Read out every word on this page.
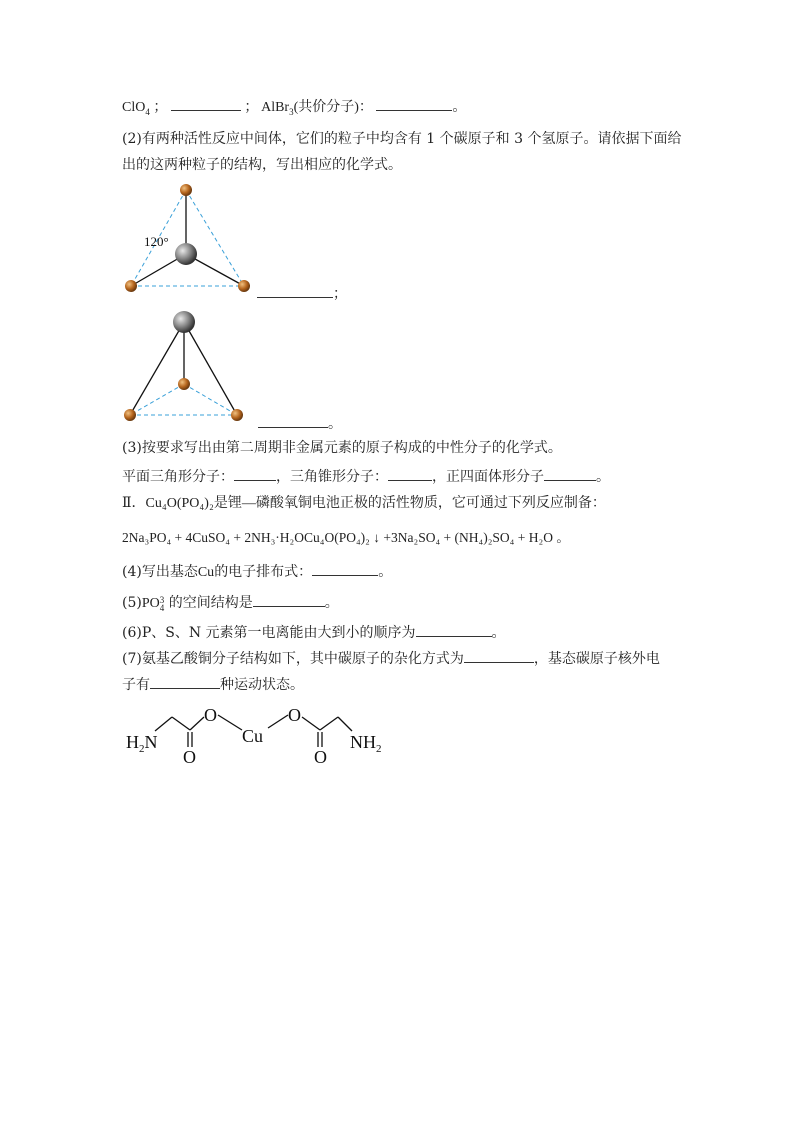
ClO$_4$ ；	； AlBr$_3$(共价分子)：	。
(2)有两种活性反应中间体，它们的粒子中均含有 1 个碳原子和 3 个氢原子。请依据下面给
出的这两种粒子的结构，写出相应的化学式。
120°
；
。
(3)按要求写出由第二周期非金属元素的原子构成的中性分子的化学式。
平面三角形分子：	，三角锥形分子：	，正四面体形分子	。
Ⅱ．Cu₄O(PO₄)₂是锂—磷酸氧铜电池正极的活性物质，它可通过下列反应制备：
2Na₃PO₄ + 4CuSO₄ + 2NH₃·H₂OCu₄O(PO₄)₂ ↓ +3Na₂SO₄ + (NH₄)₂SO₄ + H₂O 。
(4)写出基态Cu的电子排布式：	。
(5)PO 3
4 的空间结构是	。
(6)P、S、N 元素第一电离能由大到小的顺序为	。
(7)氨基乙酸铜分子结构如下，其中碳原子的杂化方式为	，基态碳原子核外电
子有	种运动状态。
$H_2N$
O
O
Cu
O
O
$NH_2$
